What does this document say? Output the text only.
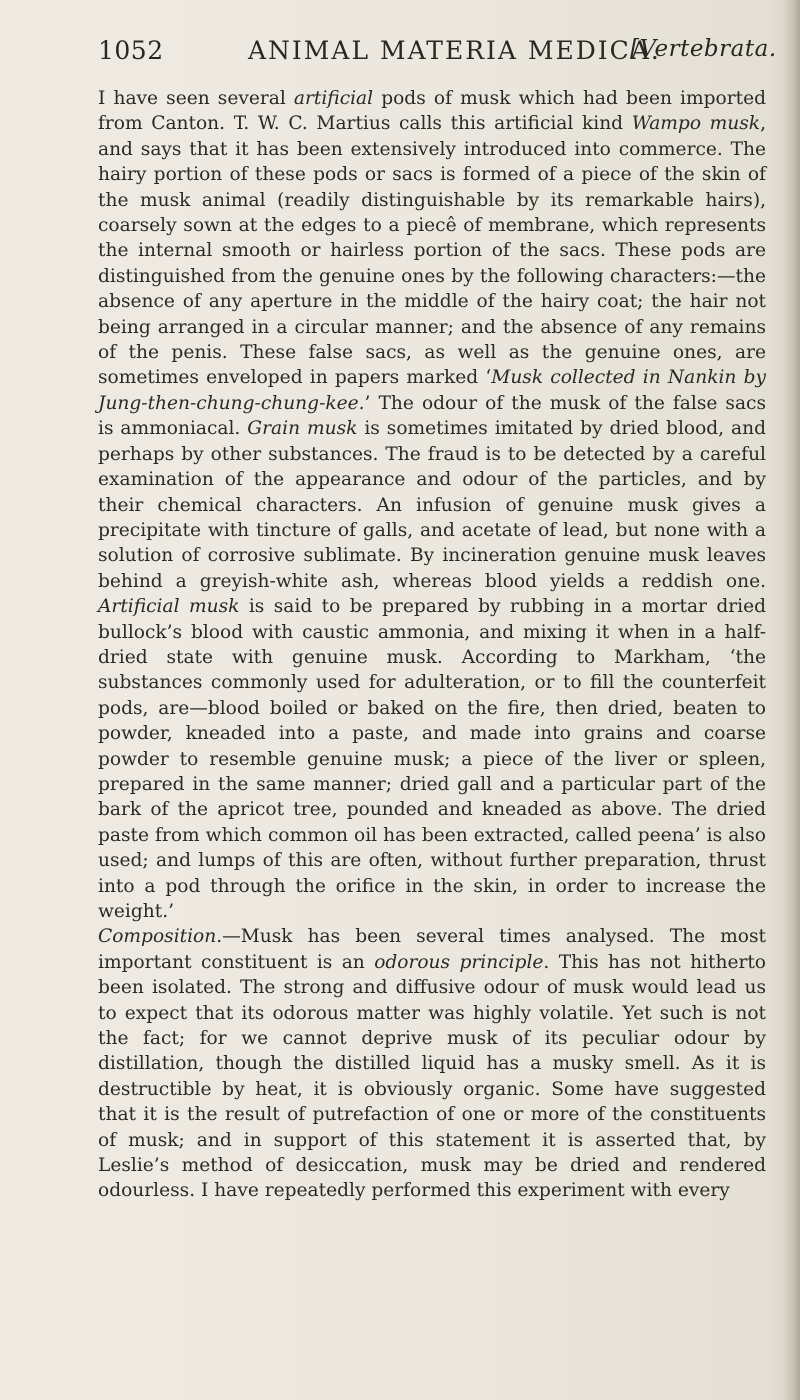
1052	ANIMAL MATERIA MEDICA.
[Vertebrata.

I have seen several artificial pods of musk which had been imported from Canton. T. W. C. Martius calls this artificial kind Wampo musk, and says that it has been extensively introduced into commerce. The hairy portion of these pods or sacs is formed of a piece of the skin of the musk animal (readily distinguishable by its remarkable hairs), coarsely sown at the edges to a piecê of membrane, which represents the internal smooth or hairless portion of the sacs. These pods are distinguished from the genuine ones by the following characters:—the absence of any aperture in the middle of the hairy coat; the hair not being arranged in a circular manner; and the absence of any remains of the penis. These false sacs, as well as the genuine ones, are sometimes enveloped in papers marked ‘Musk collected in Nankin by Jung-then-chung-chung-kee.’ The odour of the musk of the false sacs is ammoniacal. Grain musk is sometimes imitated by dried blood, and perhaps by other substances. The fraud is to be detected by a careful examination of the appearance and odour of the particles, and by their chemical characters. An infusion of genuine musk gives a precipitate with tincture of galls, and acetate of lead, but none with a solution of corrosive sublimate. By incineration genuine musk leaves behind a greyish-white ash, whereas blood yields a reddish one. Artificial musk is said to be prepared by rubbing in a mortar dried bullock’s blood with caustic ammonia, and mixing it when in a half-dried state with genuine musk. According to Markham, ‘the substances commonly used for adulteration, or to fill the counterfeit pods, are—blood boiled or baked on the fire, then dried, beaten to powder, kneaded into a paste, and made into grains and coarse powder to resemble genuine musk; a piece of the liver or spleen, prepared in the same manner; dried gall and a particular part of the bark of the apricot tree, pounded and kneaded as above. The dried paste from which common oil has been extracted, called peena’ is also used; and lumps of this are often, without further preparation, thrust into a pod through the orifice in the skin, in order to increase the weight.’

Composition.—Musk has been several times analysed. The most important constituent is an odorous principle. This has not hitherto been isolated. The strong and diffusive odour of musk would lead us to expect that its odorous matter was highly volatile. Yet such is not the fact; for we cannot deprive musk of its peculiar odour by distillation, though the distilled liquid has a musky smell. As it is destructible by heat, it is obviously organic. Some have suggested that it is the result of putrefaction of one or more of the constituents of musk; and in support of this statement it is asserted that, by Leslie’s method of desiccation, musk may be dried and rendered odourless. I have repeatedly performed this experiment with every
